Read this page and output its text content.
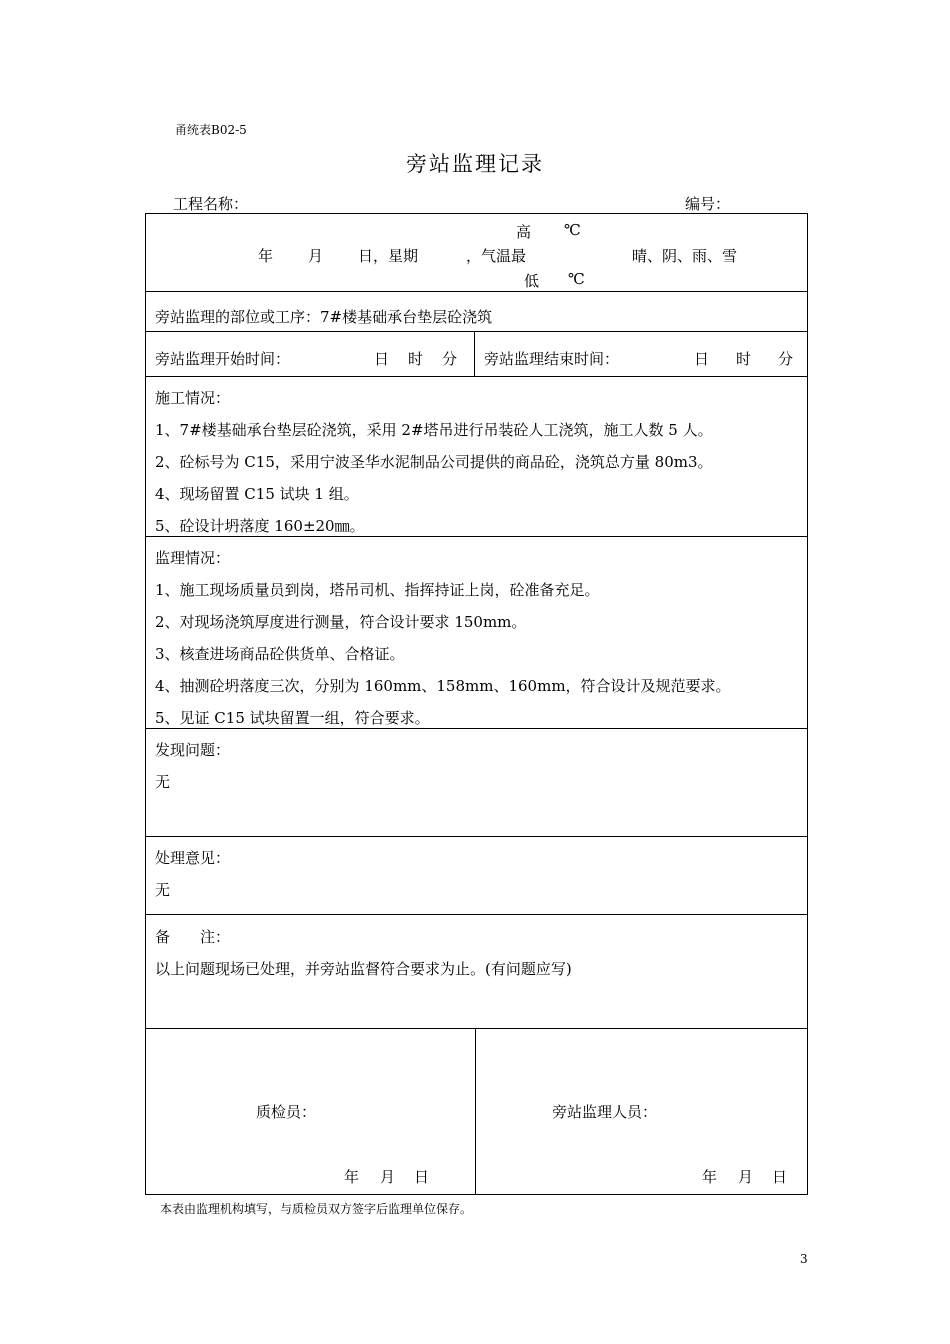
甬统表B02-5
旁站监理记录
工程名称：	编号：
高 ℃
年 月 日，星期	，气温最	晴、阴、雨、雪
低 ℃
旁站监理的部位或工序：7#楼基础承台垫层砼浇筑
旁站监理开始时间：	日 时 分 旁站监理结束时间：	日 时 分
施工情况：
1、7#楼基础承台垫层砼浇筑，采用 2#塔吊进行吊装砼人工浇筑，施工人数 5 人。
2、砼标号为 C15，采用宁波圣华水泥制品公司提供的商品砼，浇筑总方量 80m3。
4、现场留置 C15 试块 1 组。
5、砼设计坍落度 160±20㎜。
监理情况：
1、施工现场质量员到岗，塔吊司机、指挥持证上岗，砼准备充足。
2、对现场浇筑厚度进行测量，符合设计要求 150mm。
3、核查进场商品砼供货单、合格证。
4、抽测砼坍落度三次，分别为 160mm、158mm、160mm，符合设计及规范要求。
5、见证 C15 试块留置一组，符合要求。
发现问题：
无
处理意见：
无
备　　注：
以上问题现场已处理，并旁站监督符合要求为止。(有问题应写)
质检员：	旁站监理人员：
年 月 日	年 月 日
本表由监理机构填写，与质检员双方签字后监理单位保存。
3
